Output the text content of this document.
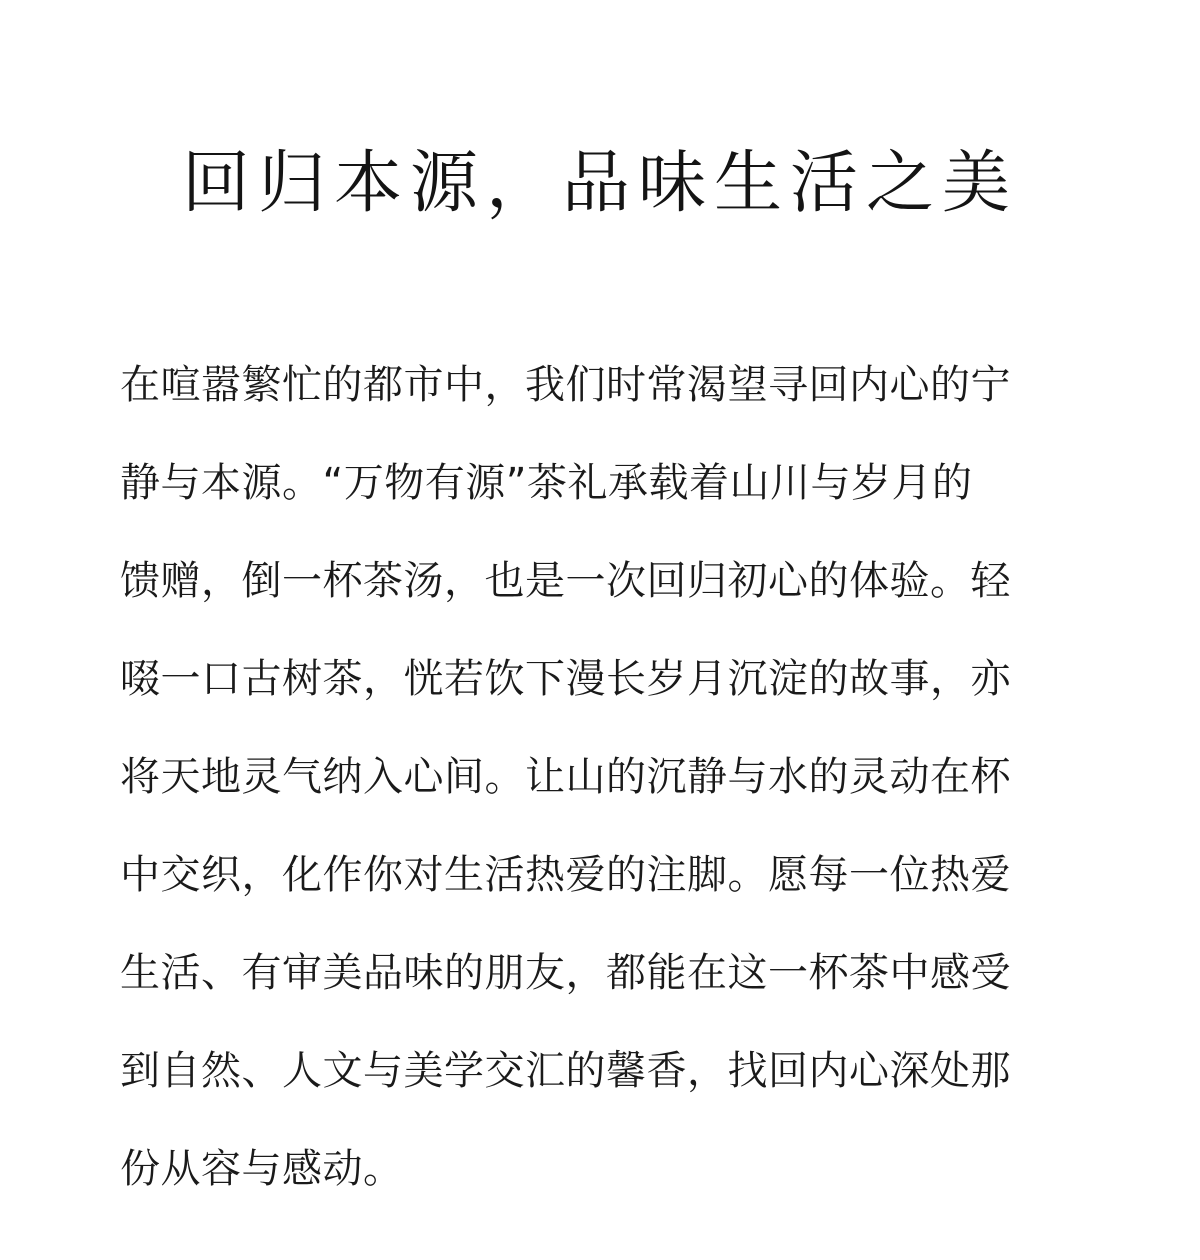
回归本源，品味生活之美
在喧嚣繁忙的都市中，我们时常渴望寻回内心的宁
静与本源。“万物有源”茶礼承载着山川与岁月的
馈赠，倒一杯茶汤，也是一次回归初心的体验。轻
啜一口古树茶，恍若饮下漫长岁月沉淀的故事，亦
将天地灵气纳入心间。让山的沉静与水的灵动在杯
中交织，化作你对生活热爱的注脚。愿每一位热爱
生活、有审美品味的朋友，都能在这一杯茶中感受
到自然、人文与美学交汇的馨香，找回内心深处那
份从容与感动。
